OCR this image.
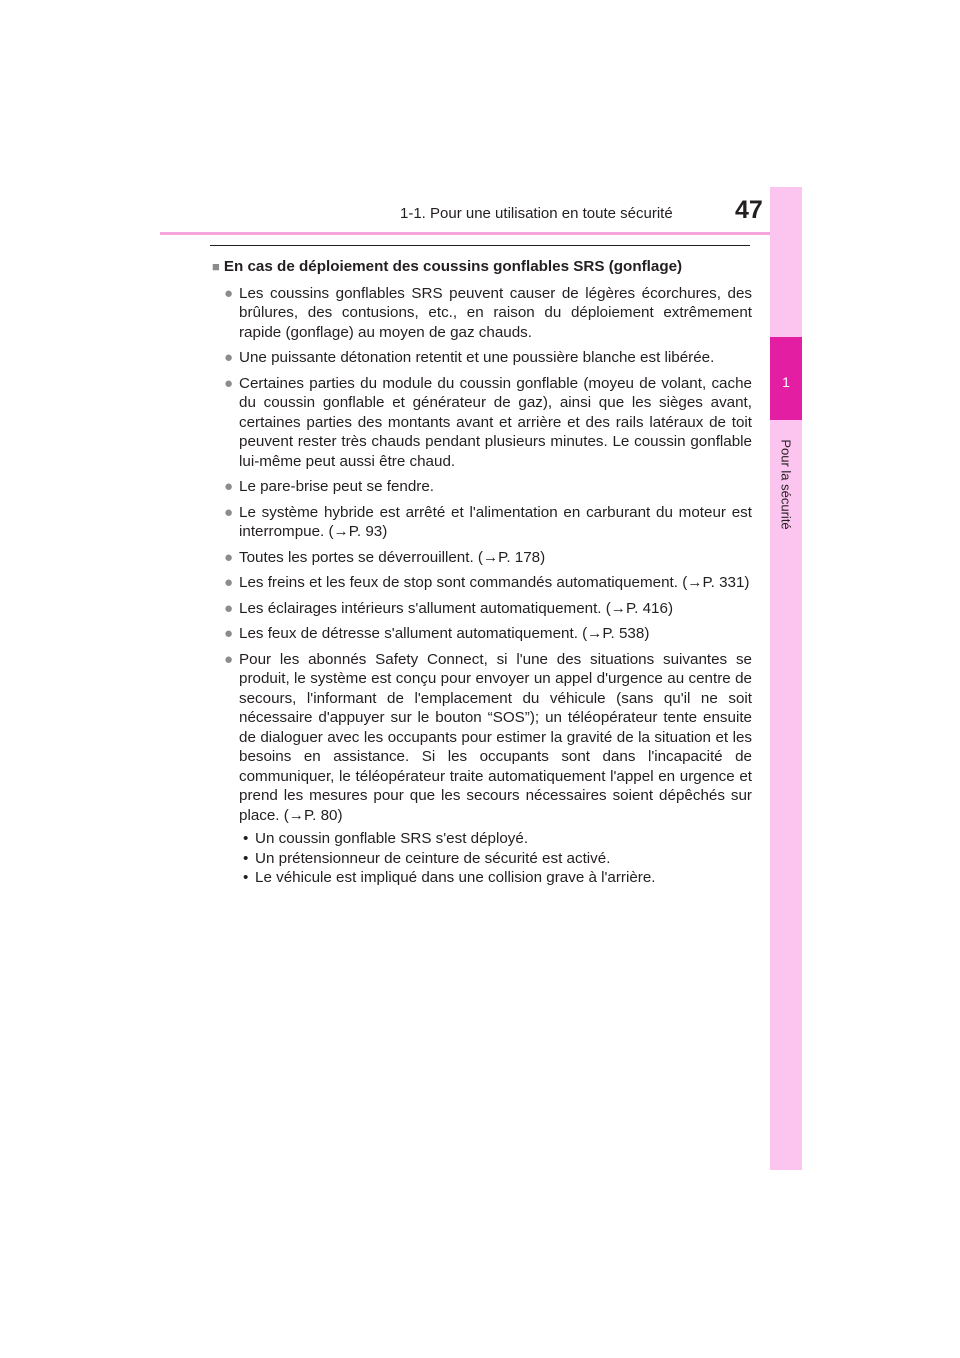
1-1. Pour une utilisation en toute sécurité 47
1
Pour la sécurité
■ En cas de déploiement des coussins gonflables SRS (gonflage)
● Les coussins gonflables SRS peuvent causer de légères écorchures, des brûlures, des contusions, etc., en raison du déploiement extrêmement rapide (gonflage) au moyen de gaz chauds.
● Une puissante détonation retentit et une poussière blanche est libérée.
● Certaines parties du module du coussin gonflable (moyeu de volant, cache du coussin gonflable et générateur de gaz), ainsi que les sièges avant, certaines parties des montants avant et arrière et des rails latéraux de toit peuvent rester très chauds pendant plusieurs minutes. Le coussin gonflable lui-même peut aussi être chaud.
● Le pare-brise peut se fendre.
● Le système hybride est arrêté et l'alimentation en carburant du moteur est interrompue. (→P. 93)
● Toutes les portes se déverrouillent. (→P. 178)
● Les freins et les feux de stop sont commandés automatiquement. (→P. 331)
● Les éclairages intérieurs s'allument automatiquement. (→P. 416)
● Les feux de détresse s'allument automatiquement. (→P. 538)
● Pour les abonnés Safety Connect, si l'une des situations suivantes se produit, le système est conçu pour envoyer un appel d'urgence au centre de secours, l'informant de l'emplacement du véhicule (sans qu'il ne soit nécessaire d'appuyer sur le bouton “SOS”); un téléopérateur tente ensuite de dialoguer avec les occupants pour estimer la gravité de la situation et les besoins en assistance. Si les occupants sont dans l'incapacité de communiquer, le téléopérateur traite automatiquement l'appel en urgence et prend les mesures pour que les secours nécessaires soient dépêchés sur place. (→P. 80)
• Un coussin gonflable SRS s'est déployé.
• Un prétensionneur de ceinture de sécurité est activé.
• Le véhicule est impliqué dans une collision grave à l'arrière.
